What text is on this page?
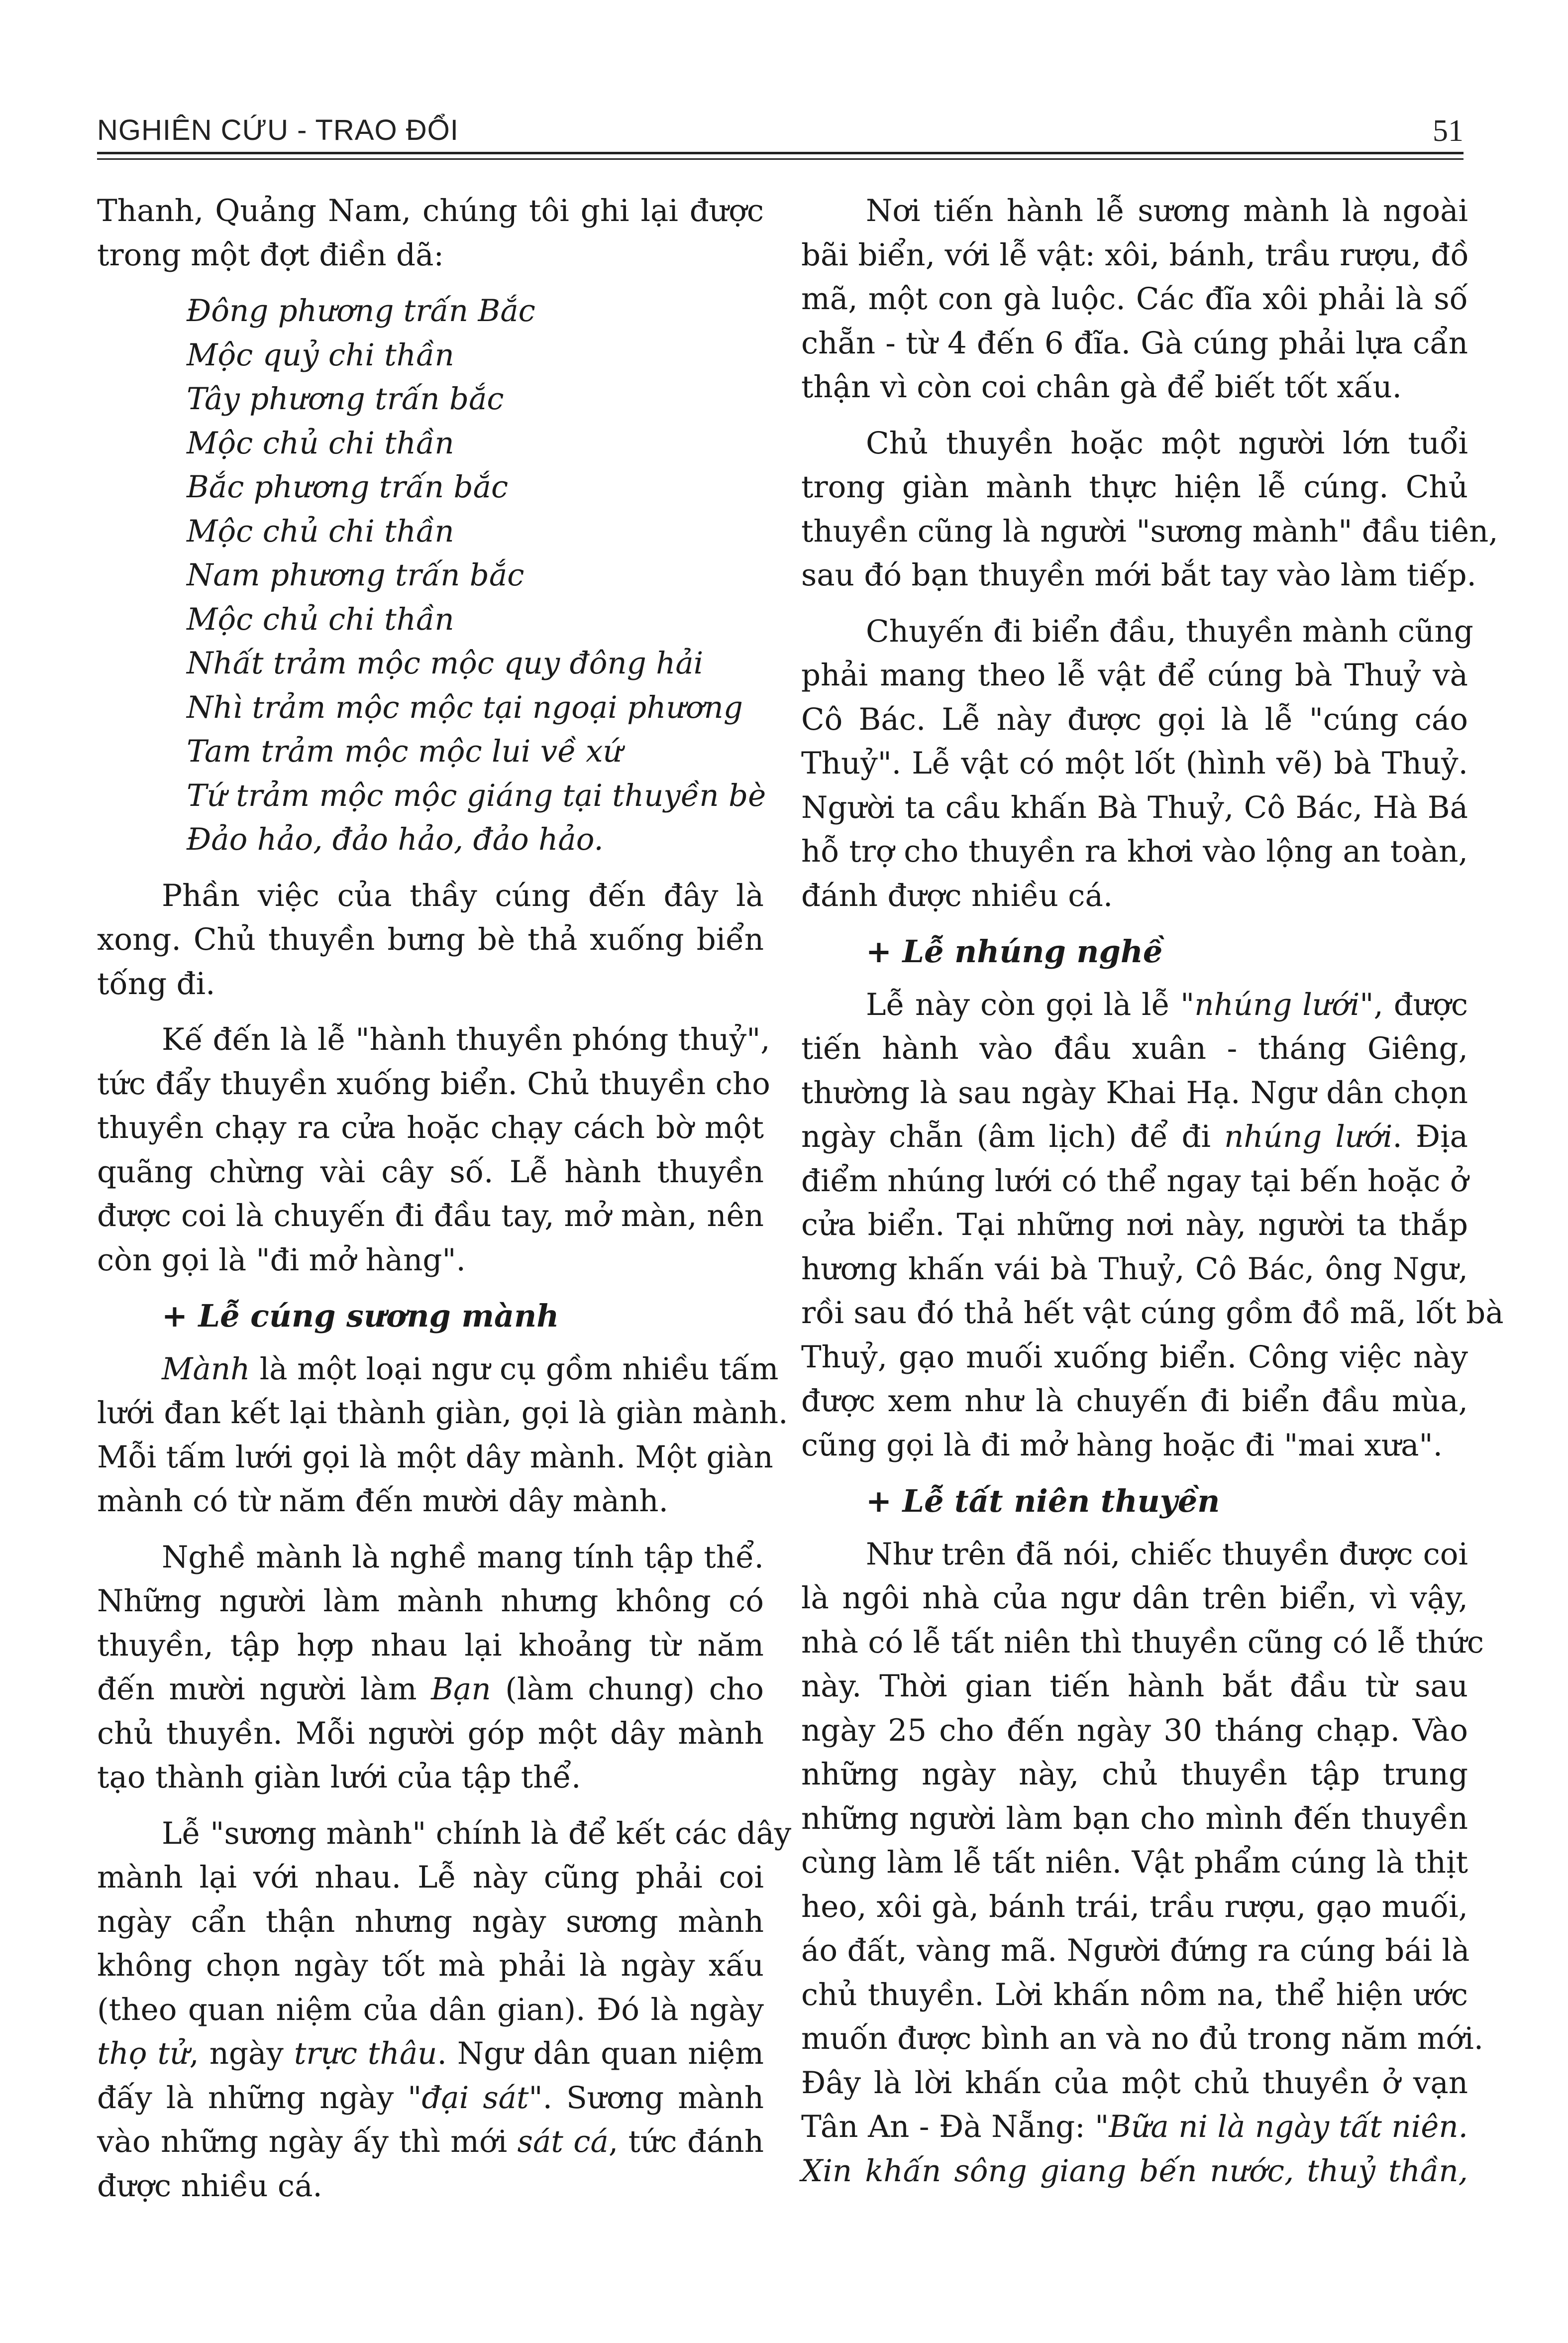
NGHIÊN CỨU - TRAO ĐỔI	51
Thanh, Quảng Nam, chúng tôi ghi lại được
trong một đợt điền dã:
Đông phương trấn Bắc
Mộc quỷ chi thần
Tây phương trấn bắc
Mộc chủ chi thần
Bắc phương trấn bắc
Mộc chủ chi thần
Nam phương trấn bắc
Mộc chủ chi thần
Nhất trảm mộc mộc quy đông hải
Nhì trảm mộc mộc tại ngoại phương
Tam trảm mộc mộc lui về xứ
Tứ trảm mộc mộc giáng tại thuyền bè
Đảo hảo, đảo hảo, đảo hảo.
Phần việc của thầy cúng đến đây là
xong. Chủ thuyền bưng bè thả xuống biển
tống đi.
Kế đến là lễ "hành thuyền phóng thuỷ",
tức đẩy thuyền xuống biển. Chủ thuyền cho
thuyền chạy ra cửa hoặc chạy cách bờ một
quãng chừng vài cây số. Lễ hành thuyền
được coi là chuyến đi đầu tay, mở màn, nên
còn gọi là "đi mở hàng".
+ Lễ cúng sương mành
Mành là một loại ngư cụ gồm nhiều tấm
lưới đan kết lại thành giàn, gọi là giàn mành.
Mỗi tấm lưới gọi là một dây mành. Một giàn
mành có từ năm đến mười dây mành.
Nghề mành là nghề mang tính tập thể.
Những người làm mành nhưng không có
thuyền, tập hợp nhau lại khoảng từ năm
đến mười người làm Bạn (làm chung) cho
chủ thuyền. Mỗi người góp một dây mành
tạo thành giàn lưới của tập thể.
Lễ "sương mành" chính là để kết các dây
mành lại với nhau. Lễ này cũng phải coi
ngày cẩn thận nhưng ngày sương mành
không chọn ngày tốt mà phải là ngày xấu
(theo quan niệm của dân gian). Đó là ngày
thọ tử, ngày trực thâu. Ngư dân quan niệm
đấy là những ngày "đại sát". Sương mành
vào những ngày ấy thì mới sát cá, tức đánh
được nhiều cá.
Nơi tiến hành lễ sương mành là ngoài
bãi biển, với lễ vật: xôi, bánh, trầu rượu, đồ
mã, một con gà luộc. Các đĩa xôi phải là số
chẵn - từ 4 đến 6 đĩa. Gà cúng phải lựa cẩn
thận vì còn coi chân gà để biết tốt xấu.
Chủ thuyền hoặc một người lớn tuổi
trong giàn mành thực hiện lễ cúng. Chủ
thuyền cũng là người "sương mành" đầu tiên,
sau đó bạn thuyền mới bắt tay vào làm tiếp.
Chuyến đi biển đầu, thuyền mành cũng
phải mang theo lễ vật để cúng bà Thuỷ và
Cô Bác. Lễ này được gọi là lễ "cúng cáo
Thuỷ". Lễ vật có một lốt (hình vẽ) bà Thuỷ.
Người ta cầu khấn Bà Thuỷ, Cô Bác, Hà Bá
hỗ trợ cho thuyền ra khơi vào lộng an toàn,
đánh được nhiều cá.
+ Lễ nhúng nghề
Lễ này còn gọi là lễ "nhúng lưới", được
tiến hành vào đầu xuân - tháng Giêng,
thường là sau ngày Khai Hạ. Ngư dân chọn
ngày chẵn (âm lịch) để đi nhúng lưới. Địa
điểm nhúng lưới có thể ngay tại bến hoặc ở
cửa biển. Tại những nơi này, người ta thắp
hương khấn vái bà Thuỷ, Cô Bác, ông Ngư,
rồi sau đó thả hết vật cúng gồm đồ mã, lốt bà
Thuỷ, gạo muối xuống biển. Công việc này
được xem như là chuyến đi biển đầu mùa,
cũng gọi là đi mở hàng hoặc đi "mai xưa".
+ Lễ tất niên thuyền
Như trên đã nói, chiếc thuyền được coi
là ngôi nhà của ngư dân trên biển, vì vậy,
nhà có lễ tất niên thì thuyền cũng có lễ thức
này. Thời gian tiến hành bắt đầu từ sau
ngày 25 cho đến ngày 30 tháng chạp. Vào
những ngày này, chủ thuyền tập trung
những người làm bạn cho mình đến thuyền
cùng làm lễ tất niên. Vật phẩm cúng là thịt
heo, xôi gà, bánh trái, trầu rượu, gạo muối,
áo đất, vàng mã. Người đứng ra cúng bái là
chủ thuyền. Lời khấn nôm na, thể hiện ước
muốn được bình an và no đủ trong năm mới.
Đây là lời khấn của một chủ thuyền ở vạn
Tân An - Đà Nẵng: "Bữa ni là ngày tất niên.
Xin khấn sông giang bến nước, thuỷ thần,
